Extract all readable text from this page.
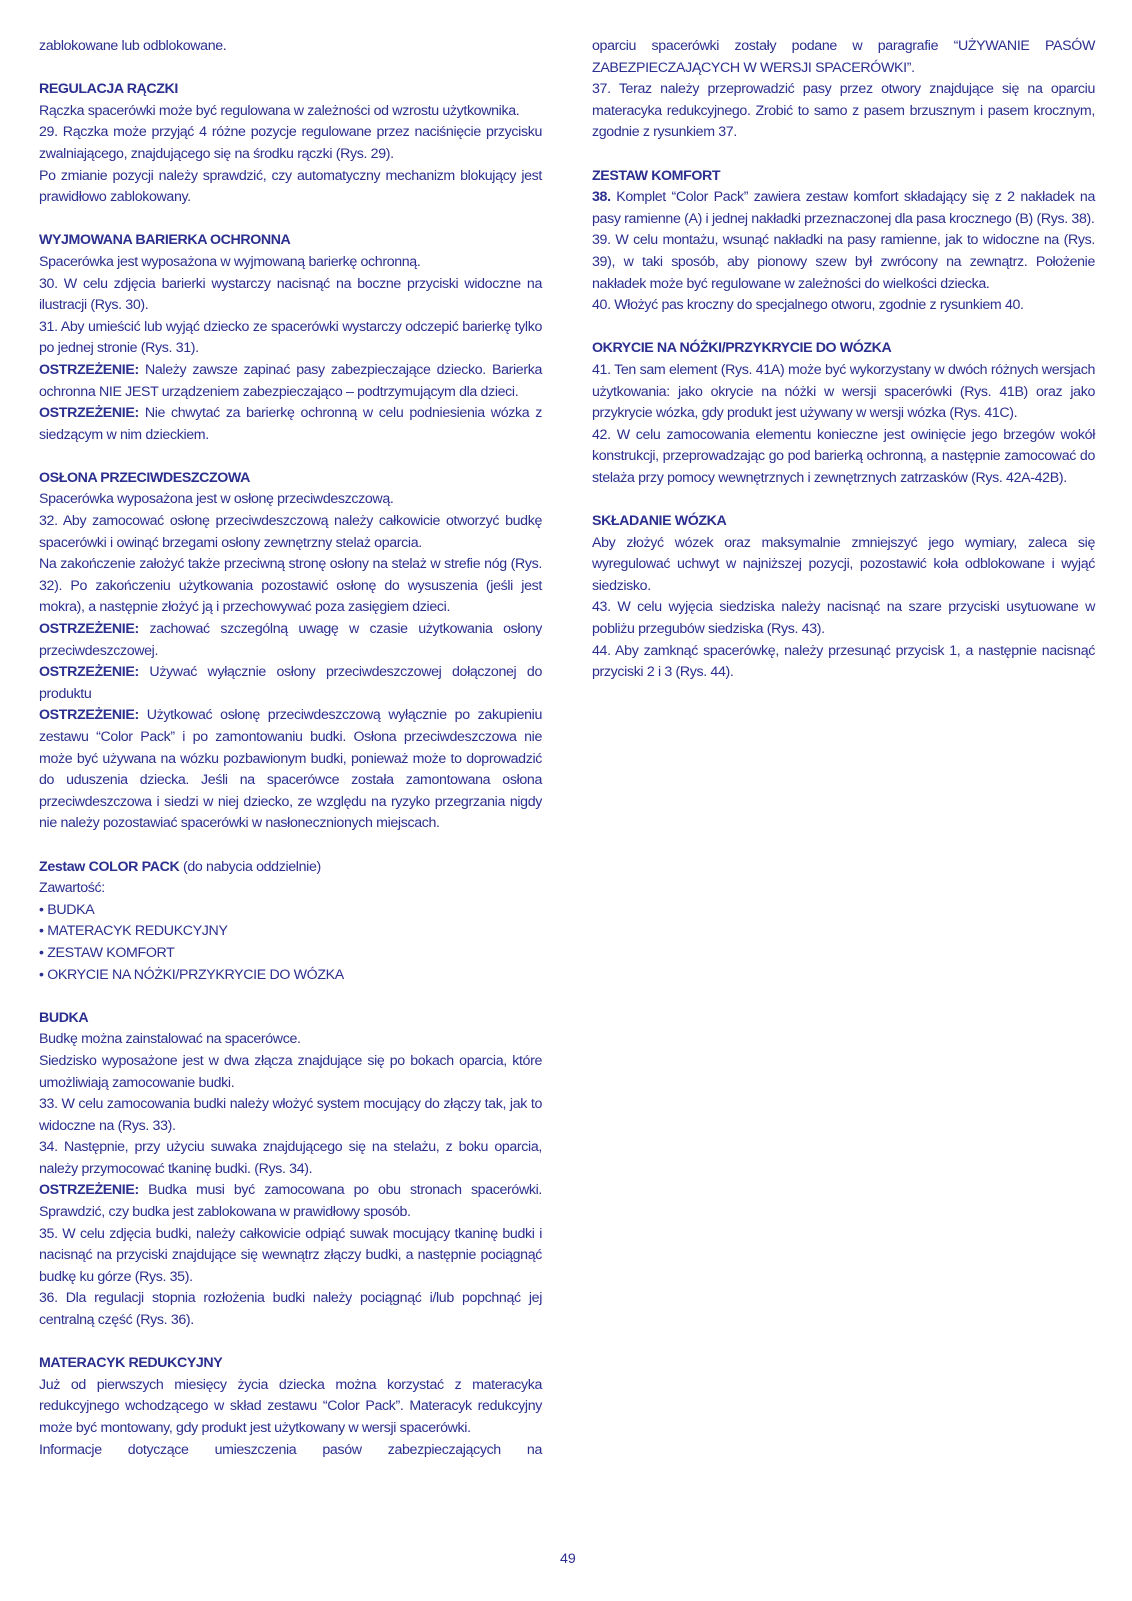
zablokowane lub odblokowane.

REGULACJA RĄCZKI

Rączka spacerówki może być regulowana w zależności od wzrostu użytkownika.

29. Rączka może przyjąć 4 różne pozycje regulowane przez naciśnięcie przycisku zwalniającego, znajdującego się na środku rączki (Rys. 29).

Po zmianie pozycji należy sprawdzić, czy automatyczny mechanizm blokujący jest prawidłowo zablokowany.

WYJMOWANA BARIERKA OCHRONNA

Spacerówka jest wyposażona w wyjmowaną barierkę ochronną.

30. W celu zdjęcia barierki wystarczy nacisnąć na boczne przyciski widoczne na ilustracji (Rys. 30).

31. Aby umieścić lub wyjąć dziecko ze spacerówki wystarczy odczepić barierkę tylko po jednej stronie (Rys. 31).

OSTRZEŻENIE: Należy zawsze zapinać pasy zabezpieczające dziecko. Barierka ochronna NIE JEST urządzeniem zabezpieczająco – podtrzymującym dla dzieci.

OSTRZEŻENIE: Nie chwytać za barierkę ochronną w celu podniesienia wózka z siedzącym w nim dzieckiem.

OSŁONA PRZECIWDESZCZOWA

Spacerówka wyposażona jest w osłonę przeciwdeszczową.

32. Aby zamocować osłonę przeciwdeszczową należy całkowicie otworzyć budkę spacerówki i owinąć brzegami osłony zewnętrzny stelaż oparcia.

Na zakończenie założyć także przeciwną stronę osłony na stelaż w strefie nóg (Rys. 32). Po zakończeniu użytkowania pozostawić osłonę do wysuszenia (jeśli jest mokra), a następnie złożyć ją i przechowywać poza zasięgiem dzieci.

OSTRZEŻENIE: zachować szczególną uwagę w czasie użytkowania osłony przeciwdeszczowej.

OSTRZEŻENIE: Używać wyłącznie osłony przeciwdeszczowej dołączonej do produktu

OSTRZEŻENIE: Użytkować osłonę przeciwdeszczową wyłącznie po zakupieniu zestawu “Color Pack” i po zamontowaniu budki. Osłona przeciwdeszczowa nie może być używana na wózku pozbawionym budki, ponieważ może to doprowadzić do uduszenia dziecka. Jeśli na spacerówce została zamontowana osłona przeciwdeszczowa i siedzi w niej dziecko, ze względu na ryzyko przegrzania nigdy nie należy pozostawiać spacerówki w nasłonecznionych miejscach.

Zestaw COLOR PACK (do nabycia oddzielnie)

Zawartość:

• BUDKA
• MATERACYK REDUKCYJNY
• ZESTAW KOMFORT
• OKRYCIE NA NÓŻKI/PRZYKRYCIE DO WÓZKA
BUDKA

Budkę można zainstalować na spacerówce.

Siedzisko wyposażone jest w dwa złącza znajdujące się po bokach oparcia, które umożliwiają zamocowanie budki.

33. W celu zamocowania budki należy włożyć system mocujący do złączy tak, jak to widoczne na (Rys. 33).

34. Następnie, przy użyciu suwaka znajdującego się na stelażu, z boku oparcia, należy przymocować tkaninę budki. (Rys. 34).

OSTRZEŻENIE: Budka musi być zamocowana po obu stronach spacerówki. Sprawdzić, czy budka jest zablokowana w prawidłowy sposób.

35. W celu zdjęcia budki, należy całkowicie odpiąć suwak mocujący tkaninę budki i nacisnąć na przyciski znajdujące się wewnątrz złączy budki, a następnie pociągnąć budkę ku górze (Rys. 35).

36. Dla regulacji stopnia rozłożenia budki należy pociągnąć i/lub popchnąć jej centralną część (Rys. 36).

MATERACYK REDUKCYJNY

Już od pierwszych miesięcy życia dziecka można korzystać z materacyka redukcyjnego wchodzącego w skład zestawu “Color Pack”. Materacyk redukcyjny może być montowany, gdy produkt jest użytkowany w wersji spacerówki.

Informacje dotyczące umieszczenia pasów zabezpieczających na

oparciu spacerówki zostały podane w paragrafie “UŻYWANIE PASÓW ZABEZPIECZAJĄCYCH W WERSJI SPACERÓWKI”.

37. Teraz należy przeprowadzić pasy przez otwory znajdujące się na oparciu materacyka redukcyjnego. Zrobić to samo z pasem brzusznym i pasem krocznym, zgodnie z rysunkiem 37.

ZESTAW KOMFORT

38. Komplet “Color Pack” zawiera zestaw komfort składający się z 2 nakładek na pasy ramienne (A) i jednej nakładki przeznaczonej dla pasa krocznego (B) (Rys. 38).

39. W celu montażu, wsunąć nakładki na pasy ramienne, jak to widoczne na (Rys. 39), w taki sposób, aby pionowy szew był zwrócony na zewnątrz. Położenie nakładek może być regulowane w zależności do wielkości dziecka.

40. Włożyć pas kroczny do specjalnego otworu, zgodnie z rysunkiem 40.

OKRYCIE NA NÓŻKI/PRZYKRYCIE DO WÓZKA

41. Ten sam element (Rys. 41A) może być wykorzystany w dwóch różnych wersjach użytkowania: jako okrycie na nóżki w wersji spacerówki (Rys. 41B) oraz jako przykrycie wózka, gdy produkt jest używany w wersji wózka (Rys. 41C).

42. W celu zamocowania elementu konieczne jest owinięcie jego brzegów wokół konstrukcji, przeprowadzając go pod barierką ochronną, a następnie zamocować do stelaża przy pomocy wewnętrznych i zewnętrznych zatrzasków (Rys. 42A-42B).

SKŁADANIE WÓZKA

Aby złożyć wózek oraz maksymalnie zmniejszyć jego wymiary, zaleca się wyregulować uchwyt w najniższej pozycji, pozostawić koła odblokowane i wyjąć siedzisko.

43. W celu wyjęcia siedziska należy nacisnąć na szare przyciski usytuowane w pobliżu przegubów siedziska (Rys. 43).

44. Aby zamknąć spacerówkę, należy przesunąć przycisk 1, a następnie nacisnąć przyciski 2 i 3 (Rys. 44).

49
